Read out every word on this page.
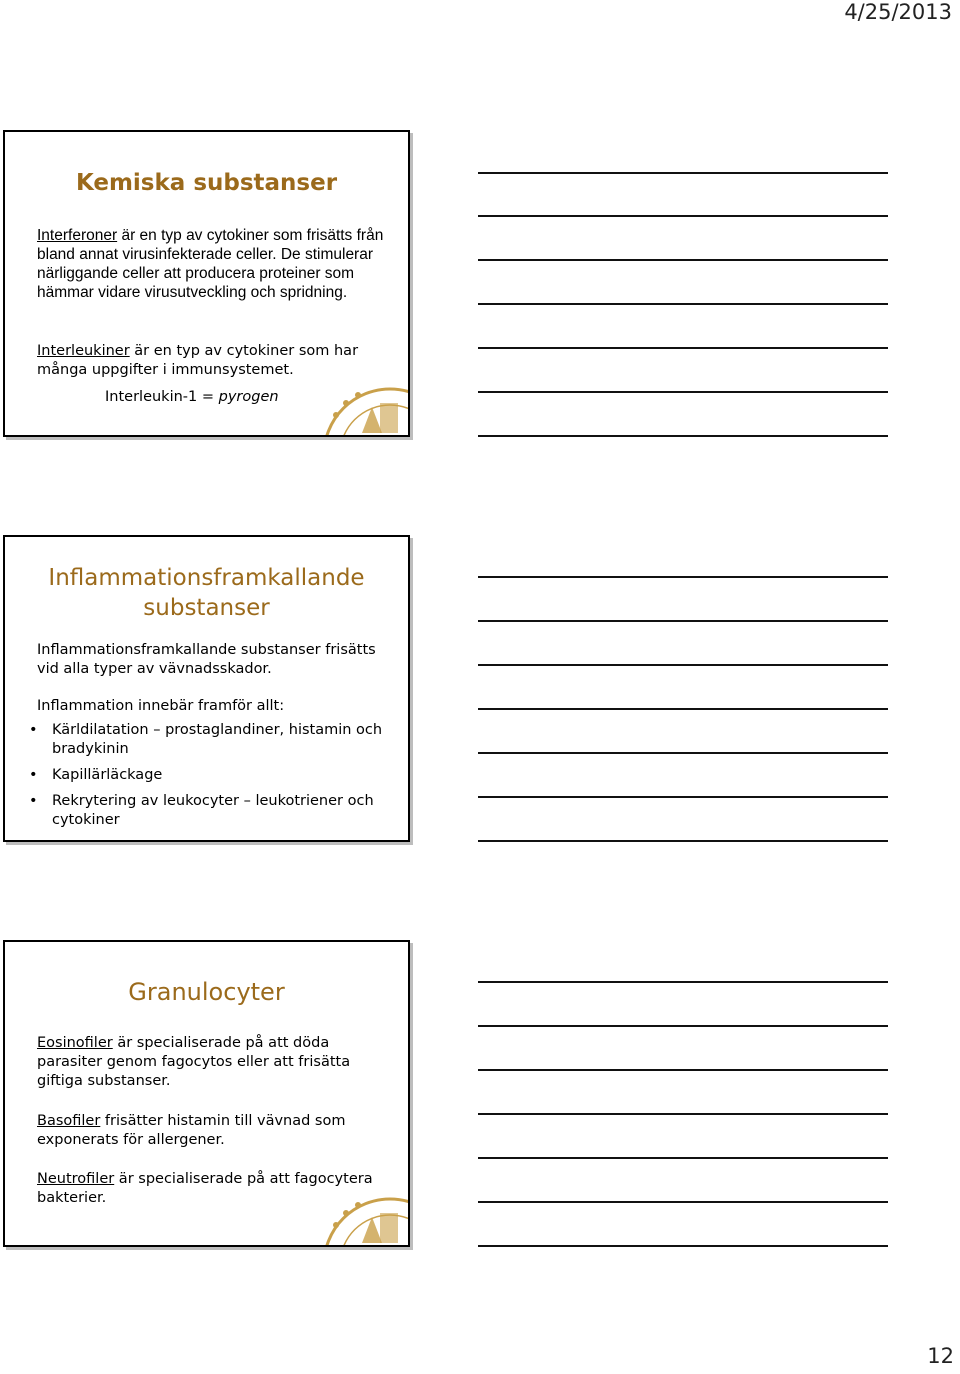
4/25/2013
Kemiska substanser
Interferoner är en typ av cytokiner som frisätts från bland annat virusinfekterade celler. De stimulerar närliggande celler att producera proteiner som hämmar vidare virusutveckling och spridning.
Interleukiner är en typ av cytokiner som har många uppgifter i immunsystemet.
Interleukin-1 = pyrogen
Inflammationsframkallande substanser
Inflammationsframkallande substanser frisätts vid alla typer av vävnadsskador.
Inflammation innebär framför allt:
• Kärldilatation – prostaglandiner, histamin och bradykinin
• Kapillärläckage
• Rekrytering av leukocyter – leukotriener och cytokiner
Granulocyter
Eosinofiler är specialiserade på att döda parasiter genom fagocytos eller att frisätta giftiga substanser.
Basofiler frisätter histamin till vävnad som exponerats för allergener.
Neutrofiler är specialiserade på att fagocytera bakterier.
12
